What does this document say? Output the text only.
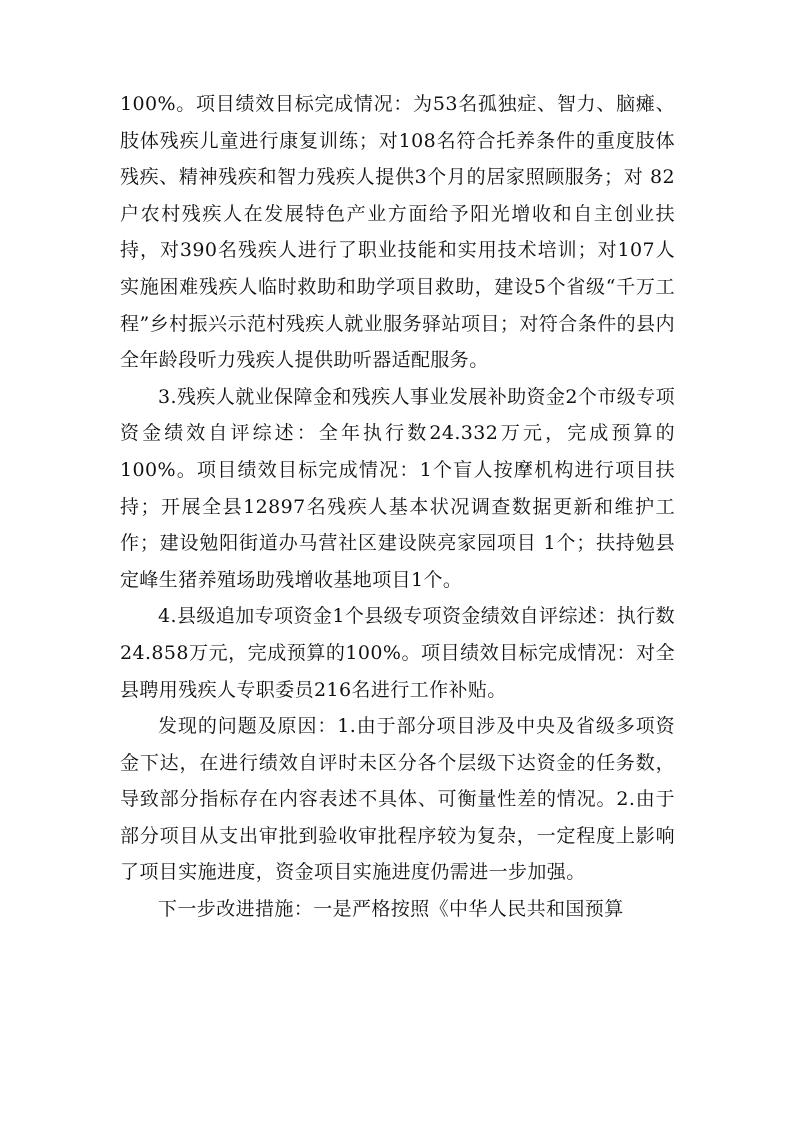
100%。项目绩效目标完成情况：为53名孤独症、智力、脑瘫、肢体残疾儿童进行康复训练；对108名符合托养条件的重度肢体残疾、精神残疾和智力残疾人提供3个月的居家照顾服务；对 82 户农村残疾人在发展特色产业方面给予阳光增收和自主创业扶持，对390名残疾人进行了职业技能和实用技术培训；对107人实施困难残疾人临时救助和助学项目救助，建设5个省级“千万工程”乡村振兴示范村残疾人就业服务驿站项目；对符合条件的县内全年龄段听力残疾人提供助听器适配服务。

3.残疾人就业保障金和残疾人事业发展补助资金2个市级专项资金绩效自评综述：全年执行数24.332万元，完成预算的100%。项目绩效目标完成情况：1个盲人按摩机构进行项目扶持；开展全县12897名残疾人基本状况调查数据更新和维护工作；建设勉阳街道办马营社区建设陕亮家园项目 1个；扶持勉县定峰生猪养殖场助残增收基地项目1个。

4.县级追加专项资金1个县级专项资金绩效自评综述：执行数24.858万元，完成预算的100%。项目绩效目标完成情况：对全县聘用残疾人专职委员216名进行工作补贴。

发现的问题及原因：1.由于部分项目涉及中央及省级多项资金下达，在进行绩效自评时未区分各个层级下达资金的任务数，导致部分指标存在内容表述不具体、可衡量性差的情况。2.由于部分项目从支出审批到验收审批程序较为复杂，一定程度上影响了项目实施进度，资金项目实施进度仍需进一步加强。

下一步改进措施：一是严格按照《中华人民共和国预算
